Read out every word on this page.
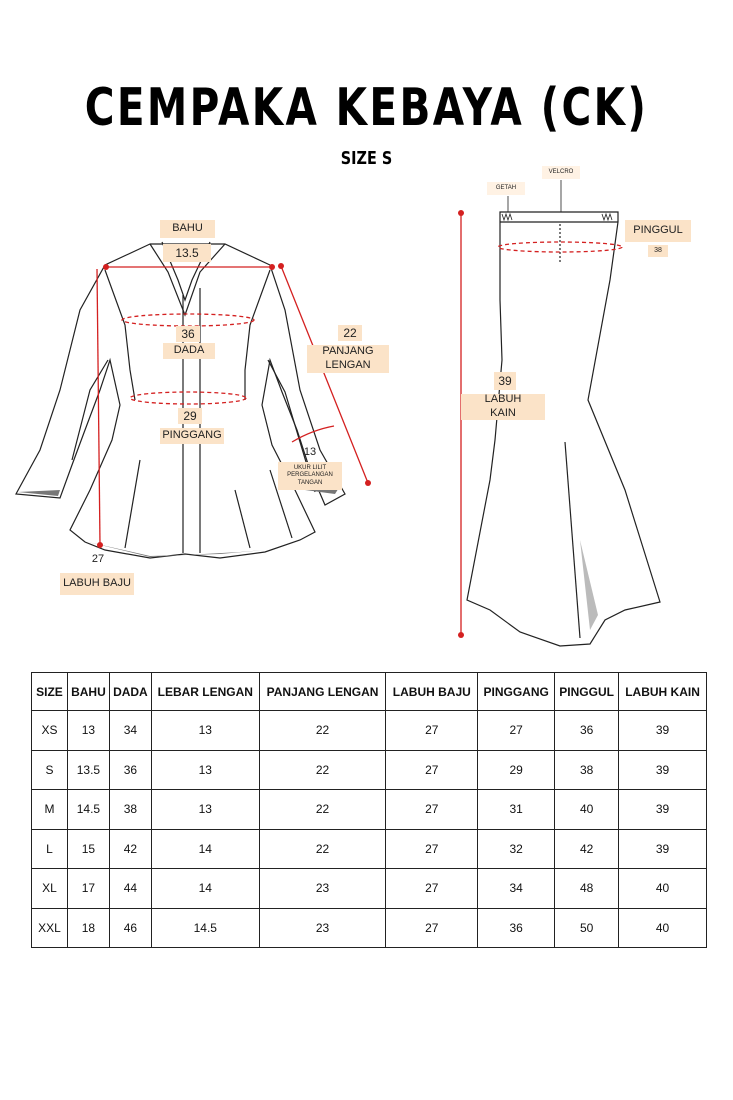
CEMPAKA KEBAYA (CK)
SIZE S
BAHU
13.5
36
DADA
29
PINGGANG
22
PANJANG
LENGAN
13
UKUR LILIT
PERGELANGAN
TANGAN
27
LABUH BAJU
GETAH
VELCRO
PINGGUL
38
39
LABUH
KAIN
SIZE	BAHU	DADA	LEBAR LENGAN	PANJANG LENGAN	LABUH BAJU	PINGGANG	PINGGUL	LABUH KAIN
XS	13	34	13	22	27	27	36	39
S	13.5	36	13	22	27	29	38	39
M	14.5	38	13	22	27	31	40	39
L	15	42	14	22	27	32	42	39
XL	17	44	14	23	27	34	48	40
XXL	18	46	14.5	23	27	36	50	40
